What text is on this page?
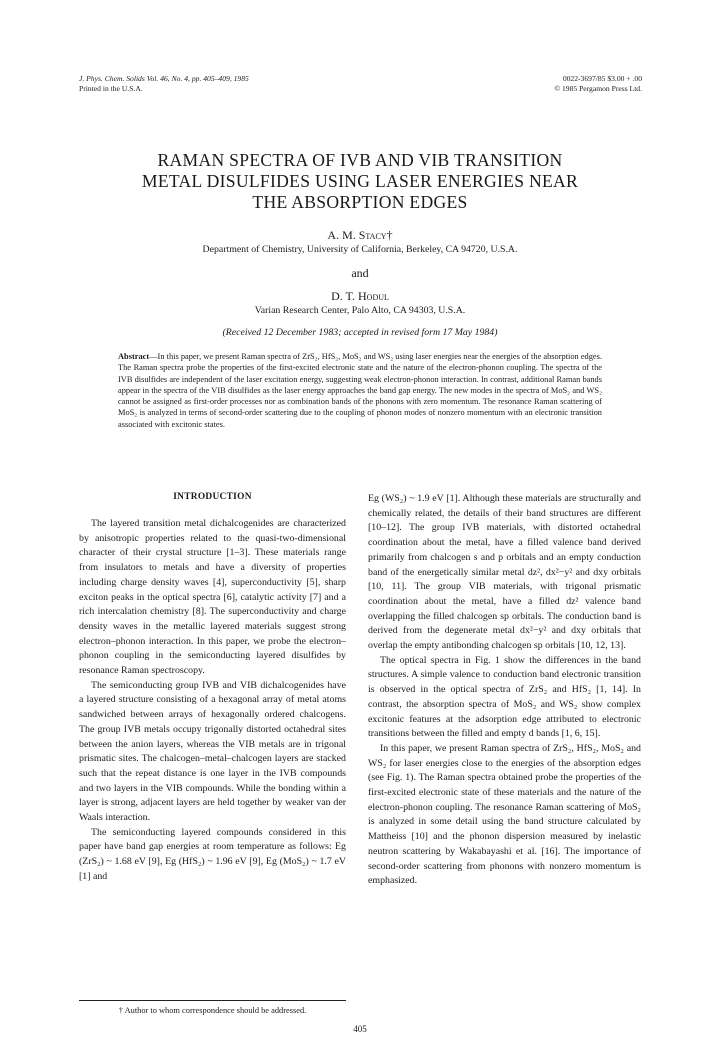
J. Phys. Chem. Solids Vol. 46, No. 4, pp. 405–409, 1985
Printed in the U.S.A.
0022-3697/85 $3.00 + .00
© 1985 Pergamon Press Ltd.
RAMAN SPECTRA OF IVB AND VIB TRANSITION
METAL DISULFIDES USING LASER ENERGIES NEAR
THE ABSORPTION EDGES
A. M. Stacy†
Department of Chemistry, University of California, Berkeley, CA 94720, U.S.A.
and
D. T. Hodul
Varian Research Center, Palo Alto, CA 94303, U.S.A.
(Received 12 December 1983; accepted in revised form 17 May 1984)
Abstract—In this paper, we present Raman spectra of ZrS₂, HfS₂, MoS₂ and WS₂ using laser energies near the energies of the absorption edges. The Raman spectra probe the properties of the first-excited electronic state and the nature of the electron-phonon coupling. The spectra of the IVB disulfides are independent of the laser excitation energy, suggesting weak electron-phonon interaction. In contrast, additional Raman bands appear in the spectra of the VIB disulfides as the laser energy approaches the band gap energy. The new modes in the spectra of MoS₂ and WS₂ cannot be assigned as first-order processes nor as combination bands of the phonons with zero momentum. The resonance Raman scattering of MoS₂ is analyzed in terms of second-order scattering due to the coupling of phonon modes of nonzero momentum with an electronic transition associated with excitonic states.
INTRODUCTION

The layered transition metal dichalcogenides are characterized by anisotropic properties related to the quasi-two-dimensional character of their crystal structure [1–3]. These materials range from insulators to metals and have a diversity of properties including charge density waves [4], superconductivity [5], sharp exciton peaks in the optical spectra [6], catalytic activity [7] and a rich intercalation chemistry [8]. The superconductivity and charge density waves in the metallic layered materials suggest strong electron–phonon interaction. In this paper, we probe the electron–phonon coupling in the semiconducting layered disulfides by resonance Raman spectroscopy.

The semiconducting group IVB and VIB dichalcogenides have a layered structure consisting of a hexagonal array of metal atoms sandwiched between arrays of hexagonally ordered chalcogens. The group IVB metals occupy trigonally distorted octahedral sites between the anion layers, whereas the VIB metals are in trigonal prismatic sites. The chalcogen–metal–chalcogen layers are stacked such that the repeat distance is one layer in the IVB compounds and two layers in the VIB compounds. While the bonding within a layer is strong, adjacent layers are held together by weaker van der Waals interaction.

The semiconducting layered compounds considered in this paper have band gap energies at room temperature as follows: Eg (ZrS₂) ~ 1.68 eV [9], Eg (HfS₂) ~ 1.96 eV [9], Eg (MoS₂) ~ 1.7 eV [1] and

Eg (WS₂) ~ 1.9 eV [1]. Although these materials are structurally and chemically related, the details of their band structures are different [10–12]. The group IVB materials, with distorted octahedral coordination about the metal, have a filled valence band derived primarily from chalcogen s and p orbitals and an empty conduction band of the energetically similar metal dz², dx²−y² and dxy orbitals [10, 11]. The group VIB materials, with trigonal prismatic coordination about the metal, have a filled dz² valence band overlapping the filled chalcogen sp orbitals. The conduction band is derived from the degenerate metal dx²−y² and dxy orbitals that overlap the empty antibonding chalcogen sp orbitals [10, 12, 13].

The optical spectra in Fig. 1 show the differences in the band structures. A simple valence to conduction band electronic transition is observed in the optical spectra of ZrS₂ and HfS₂ [1, 14]. In contrast, the absorption spectra of MoS₂ and WS₂ show complex excitonic features at the adsorption edge attributed to electronic transitions between the filled and empty d bands [1, 6, 15].

In this paper, we present Raman spectra of ZrS₂, HfS₂, MoS₂ and WS₂ for laser energies close to the energies of the absorption edges (see Fig. 1). The Raman spectra obtained probe the properties of the first-excited electronic state of these materials and the nature of the electron-phonon coupling. The resonance Raman scattering of MoS₂ is analyzed in some detail using the band structure calculated by Mattheiss [10] and the phonon dispersion measured by inelastic neutron scattering by Wakabayashi et al. [16]. The importance of second-order scattering from phonons with nonzero momentum is emphasized.

† Author to whom correspondence should be addressed.
405
